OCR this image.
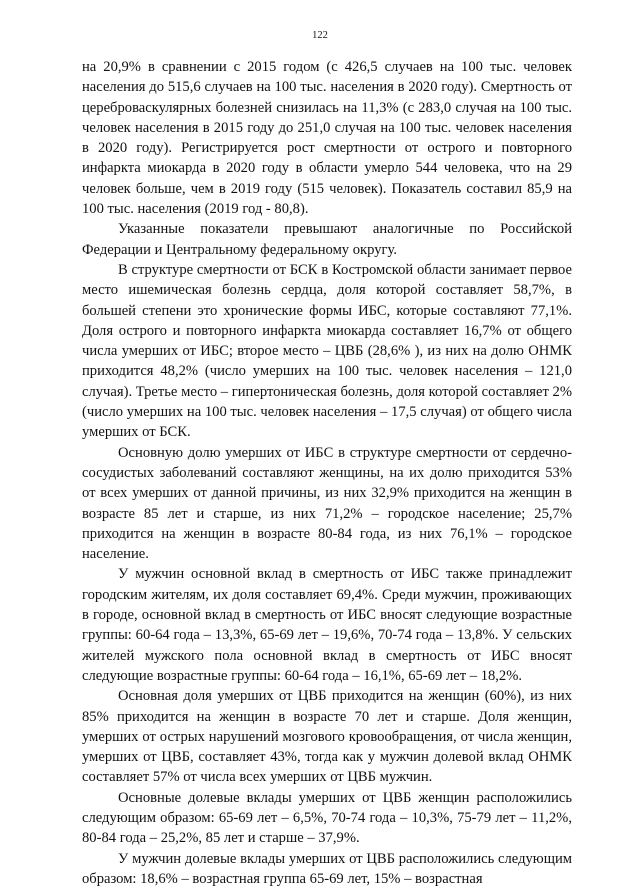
122

на 20,9% в сравнении с 2015 годом (с 426,5 случаев на 100 тыс. человек населения до 515,6 случаев на 100 тыс. населения в 2020 году). Смертность от цереброваскулярных болезней снизилась на 11,3% (с 283,0 случая на 100 тыс. человек населения в 2015 году до 251,0 случая на 100 тыс. человек населения в 2020 году). Регистрируется рост смертности от острого и повторного инфаркта миокарда в 2020 году в области умерло 544 человека, что на 29 человек больше, чем в 2019 году (515 человек). Показатель составил 85,9 на 100 тыс. населения (2019 год - 80,8).

Указанные показатели превышают аналогичные по Российской Федерации и Центральному федеральному округу.

В структуре смертности от БСК в Костромской области занимает первое место ишемическая болезнь сердца, доля которой составляет 58,7%, в большей степени это хронические формы ИБС, которые составляют 77,1%. Доля острого и повторного инфаркта миокарда составляет 16,7% от общего числа умерших от ИБС; второе место – ЦВБ (28,6% ), из них на долю ОНМК приходится 48,2% (число умерших на 100 тыс. человек населения – 121,0 случая). Третье место – гипертоническая болезнь, доля которой составляет 2% (число умерших на 100 тыс. человек населения – 17,5 случая) от общего числа умерших от БСК.

Основную долю умерших от ИБС в структуре смертности от сердечно-сосудистых заболеваний составляют женщины, на их долю приходится 53% от всех умерших от данной причины, из них 32,9% приходится на женщин в возрасте 85 лет и старше, из них 71,2% – городское население; 25,7% приходится на женщин в возрасте 80-84 года, из них 76,1% – городское население.

У мужчин основной вклад в смертность от ИБС также принадлежит городским жителям, их доля составляет 69,4%. Среди мужчин, проживающих в городе, основной вклад в смертность от ИБС вносят следующие возрастные группы: 60-64 года – 13,3%, 65-69 лет – 19,6%, 70-74 года – 13,8%. У сельских жителей мужского пола основной вклад в смертность от ИБС вносят следующие возрастные группы: 60-64 года – 16,1%, 65-69 лет – 18,2%.

Основная доля умерших от ЦВБ приходится на женщин (60%), из них 85% приходится на женщин в возрасте 70 лет и старше. Доля женщин, умерших от острых нарушений мозгового кровообращения, от числа женщин, умерших от ЦВБ, составляет 43%, тогда как у мужчин долевой вклад ОНМК составляет 57% от числа всех умерших от ЦВБ мужчин.

Основные долевые вклады умерших от ЦВБ женщин расположились следующим образом: 65-69 лет – 6,5%, 70-74 года – 10,3%, 75-79 лет – 11,2%, 80-84 года – 25,2%, 85 лет и старше – 37,9%.

У мужчин долевые вклады умерших от ЦВБ расположились следующим образом: 18,6% – возрастная группа 65-69 лет, 15% – возрастная
